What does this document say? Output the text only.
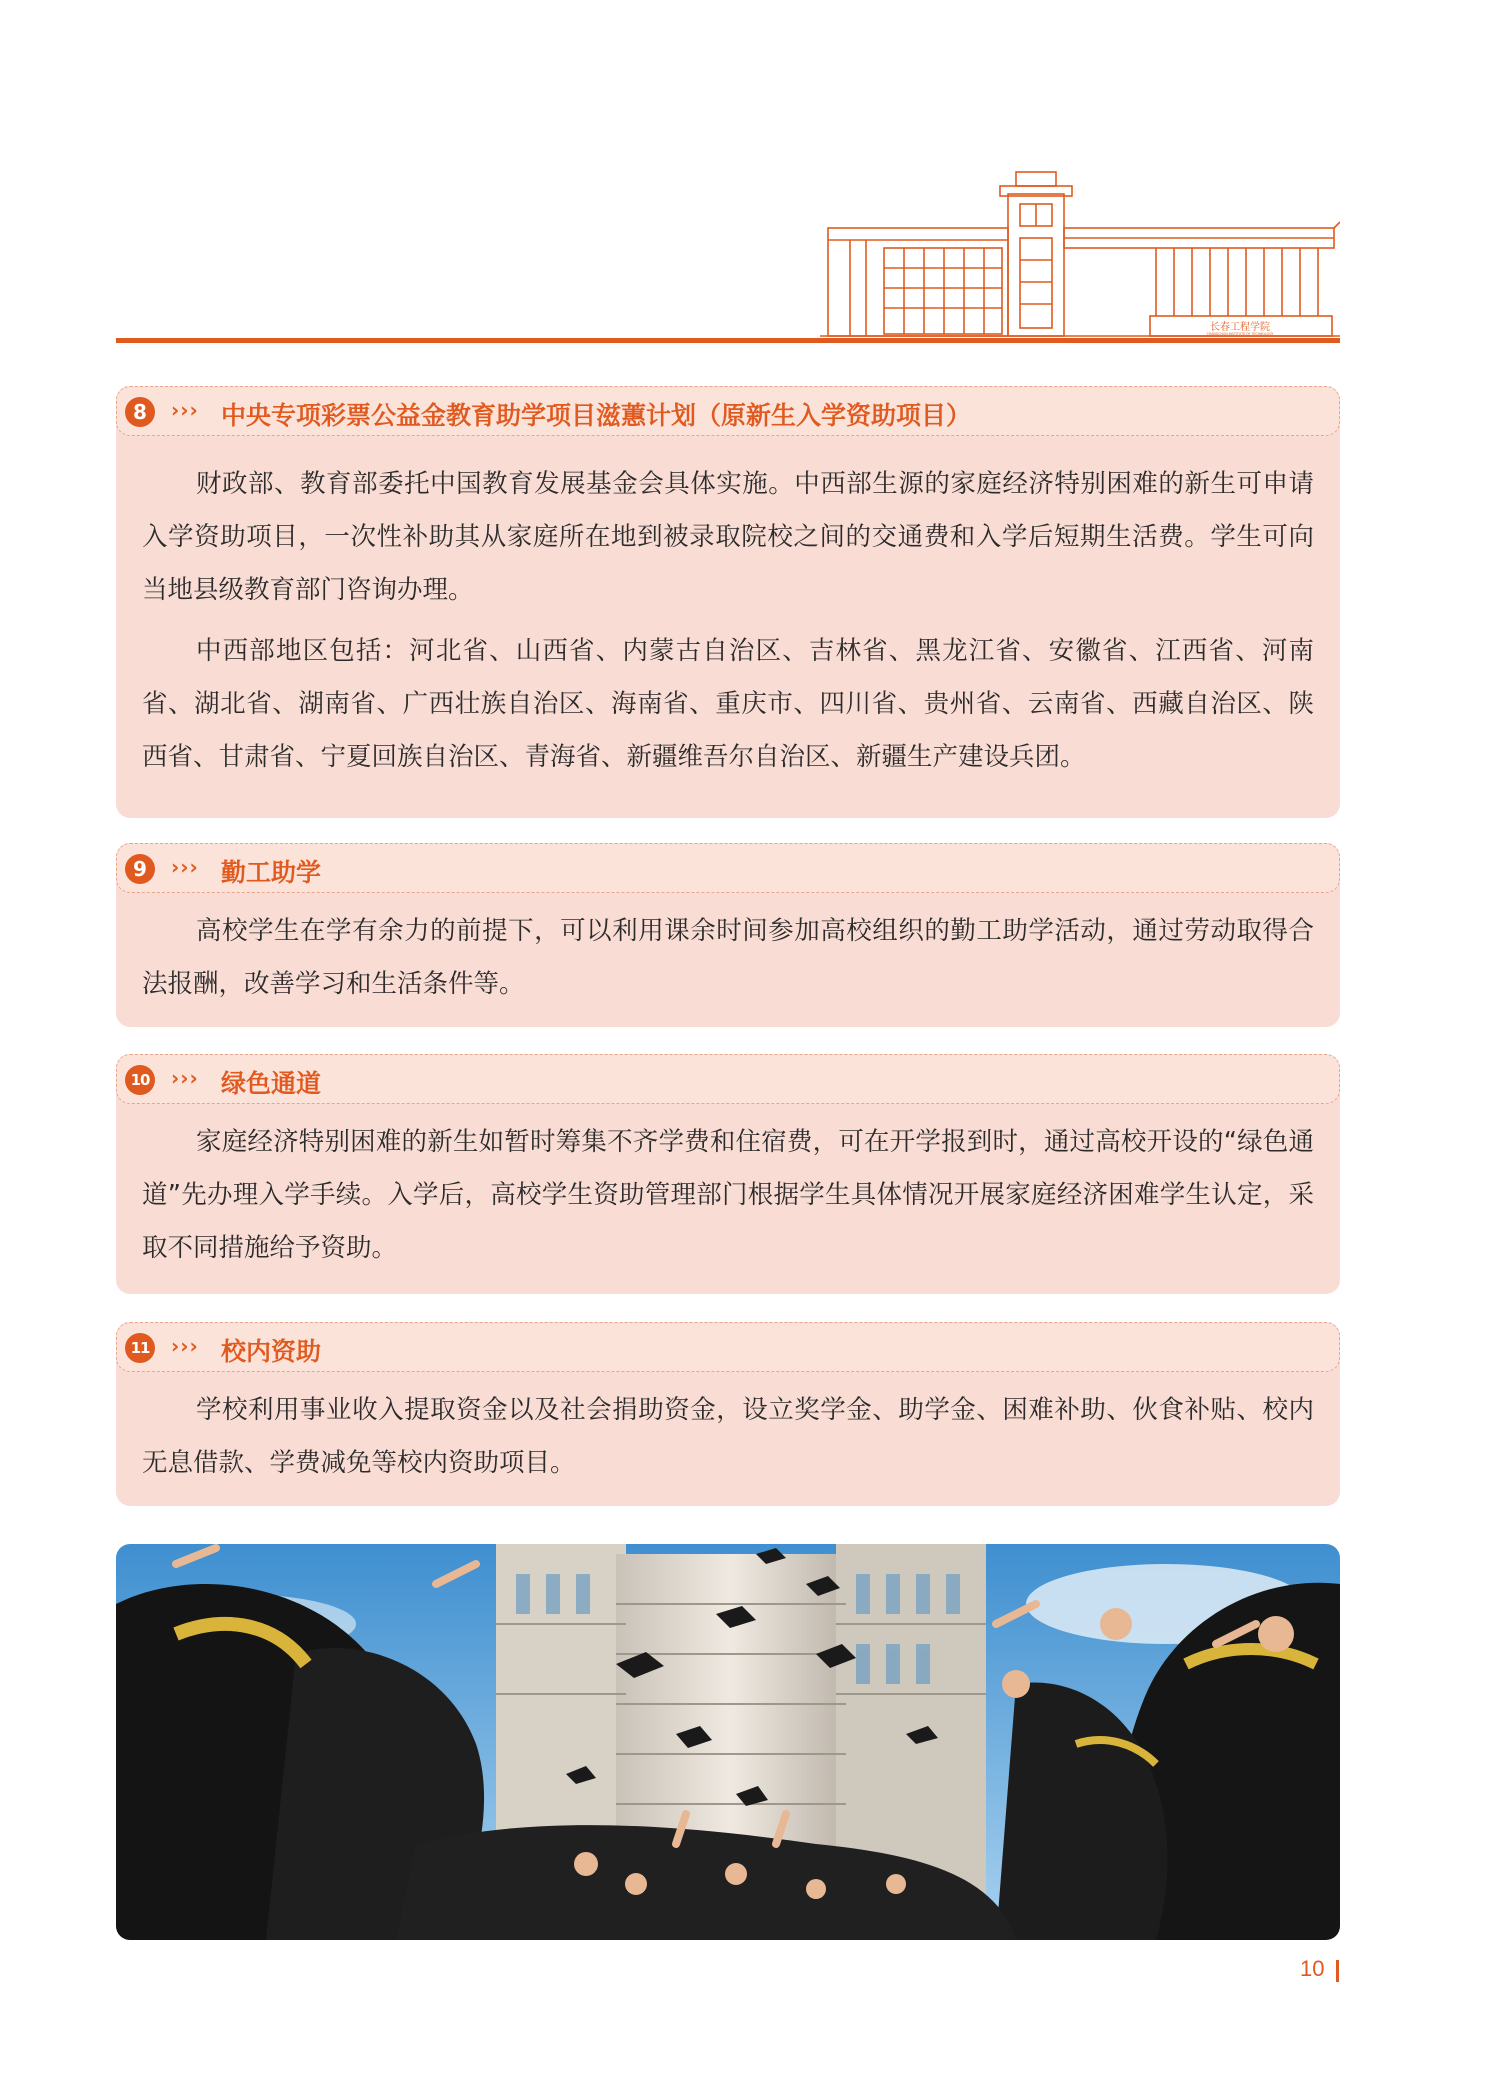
长春工程学院
CHANGCHUN INSTITUTE OF TECHNOLOGY
8	››› 中央专项彩票公益金教育助学项目滋蕙计划（原新生入学资助项目）

财政部、教育部委托中国教育发展基金会具体实施。中西部生源的家庭经济特别困难的新生可申请入学资助项目，一次性补助其从家庭所在地到被录取院校之间的交通费和入学后短期生活费。学生可向当地县级教育部门咨询办理。

中西部地区包括：河北省、山西省、内蒙古自治区、吉林省、黑龙江省、安徽省、江西省、河南省、湖北省、湖南省、广西壮族自治区、海南省、重庆市、四川省、贵州省、云南省、西藏自治区、陕西省、甘肃省、宁夏回族自治区、青海省、新疆维吾尔自治区、新疆生产建设兵团。

9	››› 勤工助学

高校学生在学有余力的前提下，可以利用课余时间参加高校组织的勤工助学活动，通过劳动取得合法报酬，改善学习和生活条件等。

10 ››› 绿色通道

家庭经济特别困难的新生如暂时筹集不齐学费和住宿费，可在开学报到时，通过高校开设的“绿色通道”先办理入学手续。入学后，高校学生资助管理部门根据学生具体情况开展家庭经济困难学生认定，采取不同措施给予资助。

11 ››› 校内资助

学校利用事业收入提取资金以及社会捐助资金，设立奖学金、助学金、困难补助、伙食补贴、校内无息借款、学费减免等校内资助项目。

10
